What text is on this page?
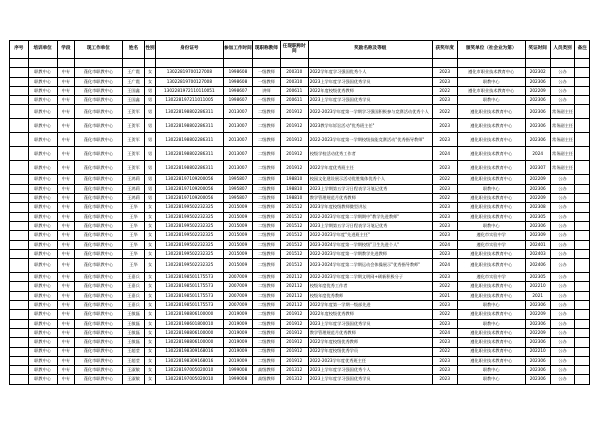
序号	培训单位	学段	现工作单位	姓名	性别	身份证号	参加工作时间	现职称教师	任现职称时间	奖励名称及等级	获奖年度	颁奖单位（社会业为第）	奖证时间	人员类别	备注

	职教中心	中专	蓬化市职教中心	王广霞	女	13022819700127008	1998608	一级教师	200310	2022学年度学习强国优秀个人	2023	遵化市职业技术教育中心	202302	公办	
	职教中心	中专	蓬化市职教中心	王广霞	女	13022819700127008	1998608	一级教师	200310	2023上学年度学习强国优秀学员	2023	职教中心	202306	公办	
	职教中心	中专	蓬化市职教中心	王国鑫	男	1302281972110110051	1998607	讲师	200611	2022年度校级优秀教师	2022	遵化市职业技术教育中心	202209	公办	
	职教中心	中专	蓬化市职教中心	王国鑫	男	130228197211011005	1998607	一级教师	200611	2023上学年度学习强国优秀学员	2023	职教中心	202306	公办	
	职教中心	中专	蓬化市职教中心	王贺军	男	130228198802286311	2013007	二级教师	201912	2022-2023学年度第一学期学习强国积极参与竞赛活动优秀个人	2022	遵化职业技术教育中心	202306	常务副主任	
	职教中心	中专	蓬化市职教中心	王贺军	男	130228198802286311	2013007	二级教师	201912	2023教学年诉讼活动"优秀班主任"	2023	遵化职业技术教育中心	202306	常务副主任	
	职教中心	中专	蓬化市职教中心	王贺军	男	130228198802286311	2013007	二级教师	201912	2022-2023学年度第一学期校级技能竞赛活动"优秀指导教师"	2023	遵化职业技术教育中心	202306	常务副主任	
	职教中心	中专	蓬化市职教中心	王贺军	男	130228198802286311	2013007	二级教师	201912	校级学校活动优秀工作者	2024	遵化职业技术教育中心	2024	常务副主任	
	职教中心	中专	蓬化市职教中心	王贺军	男	130228198802286311	2013007	二级教师	201912	2022学年度优秀班主任	2023	遵化职业技术教育中心	202307	常务副主任	
	职教中心	中专	蓬化市职教中心	王鸿莉	男	130228197109200056	1995807	二级教师	198810	校园文化建设展示活动优胜集体优秀个人	2022	遵化职业技术教育中心	202209	公办	
	职教中心	中专	蓬化市职教中心	王鸿莉	男	130228197109200056	1995807	二级教师	198810	2023上学期第五学习日程表学习笔记优秀	2023	职教中心	202306	公办	
	职教中心	中专	蓬化市职教中心	王鸿莉	男	130228197109200056	1995807	二级教师	198810	教学管理规范月优秀教师	2022	遵化职业技术教育中心	202209	公办	
	职教中心	中专	蓬化市职教中心	王华	女	130228199502232325	2015009	二级教师	201512	2023学年度校级教师微型讲坛	2023	遵化职业技术教育中心	202308	公办	
	职教中心	中专	蓬化市职教中心	王华	女	130228199502232325	2015009	二级教师	201512	2022-2023学年度第二学期期中"教学先进教师"	2023	遵化职业技术教育中心	202305	公办	
	职教中心	中专	蓬化市职教中心	王华	女	130228199502232325	2015009	二级教师	201512	2023上学期第五学习日程表学习笔记优秀	2023	职教中心	202306	公办	
	职教中心	中专	蓬化市职教中心	王华	女	130228199502232325	2015009	二级教师	201512	2022-2023学年度"先进班主任"	2023	遵化市实验中学	202309	公办	
	职教中心	中专	蓬化市职教中心	王华	女	130228199502232325	2015009	二级教师	201512	2023-2024学年度第一学期校级"卫生先进个人"	2024	遵化市实验中学	202401	公办	
	职教中心	中专	蓬化市职教中心	王华	女	130228199502232325	2015009	二级教师	201512	2022-2023学年度第一学期教学先进教师	2023	遵化职业技术教育中心	202403	公办	
	职教中心	中专	蓬化市职教中心	王华	女	130228199502232325	2015009	二级教师	201512	2023-2024学年度第二学期运动会体操展示"优秀指导教师"	2024	遵化职业技术教育中心	202406	公办	
	职教中心	中专	蓬化市职教中心	王嘉兵	女	130228198501175573	2007009	二级教师	202112	2022-2023学年度第二学期文明网+刷新积极分子	2023	遵化市实验中学	202305	公办	
	职教中心	中专	蓬化市职教中心	王嘉兵	女	130228198501175573	2007009	二级教师	202112	校级年度优秀工作者	2022	遵化职业技术教育中心	202210	公办	
	职教中心	中专	蓬化市职教中心	王嘉兵	女	130228198501175573	2007009	二级教师	202112	校级年度优秀教师	2021	遵化职业技术教育中心	2021	公办	
	职教中心	中专	蓬化市职教中心	王嘉兵	女	130228198501175573	2007009	二级教师	202112	2022学年度第一学期一级部先进	2023	职教中心	202306	公办	
	职教中心	中专	蓬化市职教中心	王敏磊	女	130228198806100000	2019009	二级教师	201912	2022年度校级优秀教师	2022	遵化职业技术教育中心	202209	公办	
	职教中心	中专	蓬化市职教中心	王敏磊	女	130228198601800010	2019009	二级教师	201912	2023上学年度学习强国优秀学员	2023	职教中心	202306	公办	
	职教中心	中专	蓬化市职教中心	王敏磊	女	130228198806100000	2019009	二级教师	201912	教学管理规范月优秀教师	2024	遵化职业技术教育中心	202209	公办	
	职教中心	中专	蓬化市职教中心	王敏磊	女	130228198806100000	2019009	二级教师	201912	2022学年度校级优秀教师	2023	遵化职业技术教育中心	202306	公办	
	职教中心	中专	蓬化市职教中心	王超莹	女	130228198309168016	2019009	二级教师	201912	2022学年度校级优秀学员	2022	遵化职业技术教育中心	202210	公办	
	职教中心	中专	蓬化市职教中心	王超莹	女	130228198309168016	2019009	二级教师	201912	2022-2023学年度优秀班主任	2023	遵化职业技术教育中心	202306	公办	
	职教中心	中专	蓬化市职教中心	王淑敏	女	130228197005020010	1999008	高级教师	201312	2023上学年度学习强国优秀个人	2023	职教中心	202306	公办	
	职教中心	中专	蓬化市职教中心	王淑敏	女	130228197005020010	1999008	高级教师	201312	2023上学年度学习强国优秀学员	2023	职教中心	202306	公办	
